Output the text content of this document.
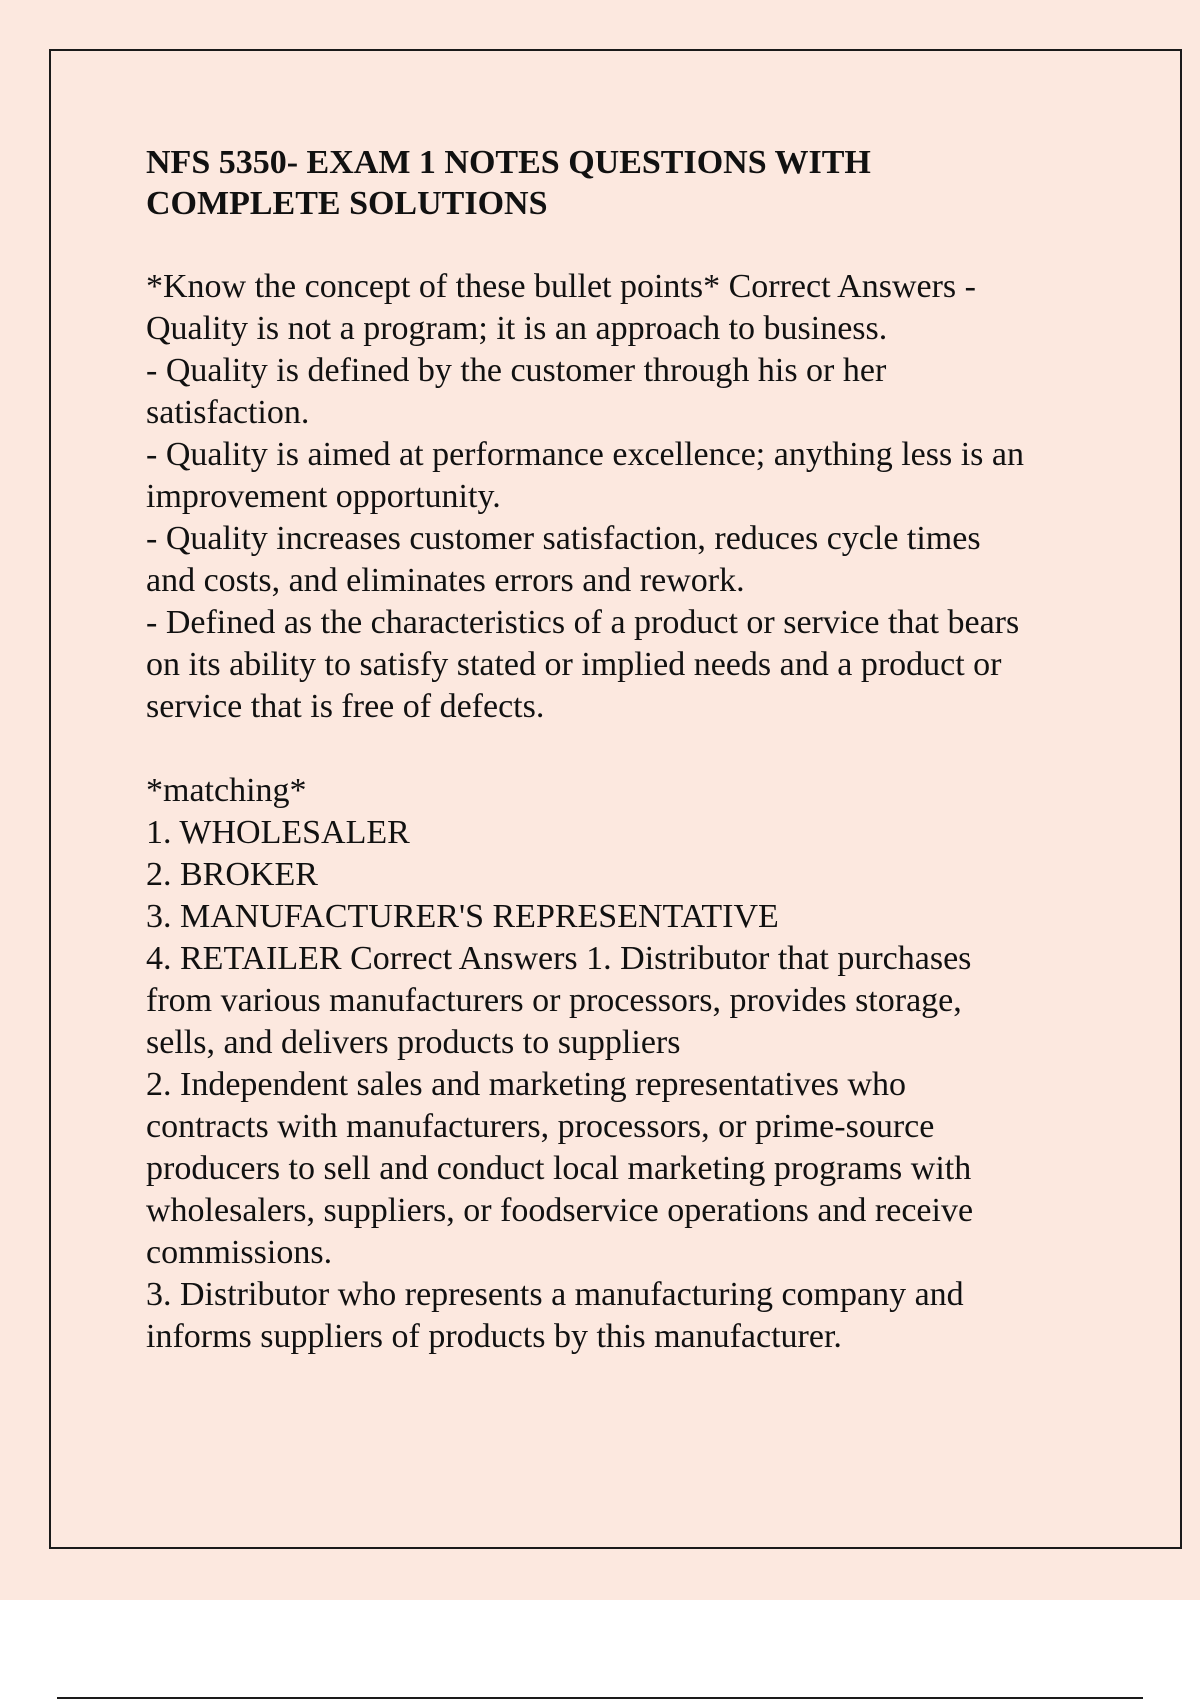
NFS 5350- EXAM 1 NOTES QUESTIONS WITH
COMPLETE SOLUTIONS
*Know the concept of these bullet points* Correct Answers -
Quality is not a program; it is an approach to business.
- Quality is defined by the customer through his or her
satisfaction.
- Quality is aimed at performance excellence; anything less is an
improvement opportunity.
- Quality increases customer satisfaction, reduces cycle times
and costs, and eliminates errors and rework.
- Defined as the characteristics of a product or service that bears
on its ability to satisfy stated or implied needs and a product or
service that is free of defects.
*matching*
1. WHOLESALER
2. BROKER
3. MANUFACTURER'S REPRESENTATIVE
4. RETAILER Correct Answers 1. Distributor that purchases
from various manufacturers or processors, provides storage,
sells, and delivers products to suppliers
2. Independent sales and marketing representatives who
contracts with manufacturers, processors, or prime-source
producers to sell and conduct local marketing programs with
wholesalers, suppliers, or foodservice operations and receive
commissions.
3. Distributor who represents a manufacturing company and
informs suppliers of products by this manufacturer.
